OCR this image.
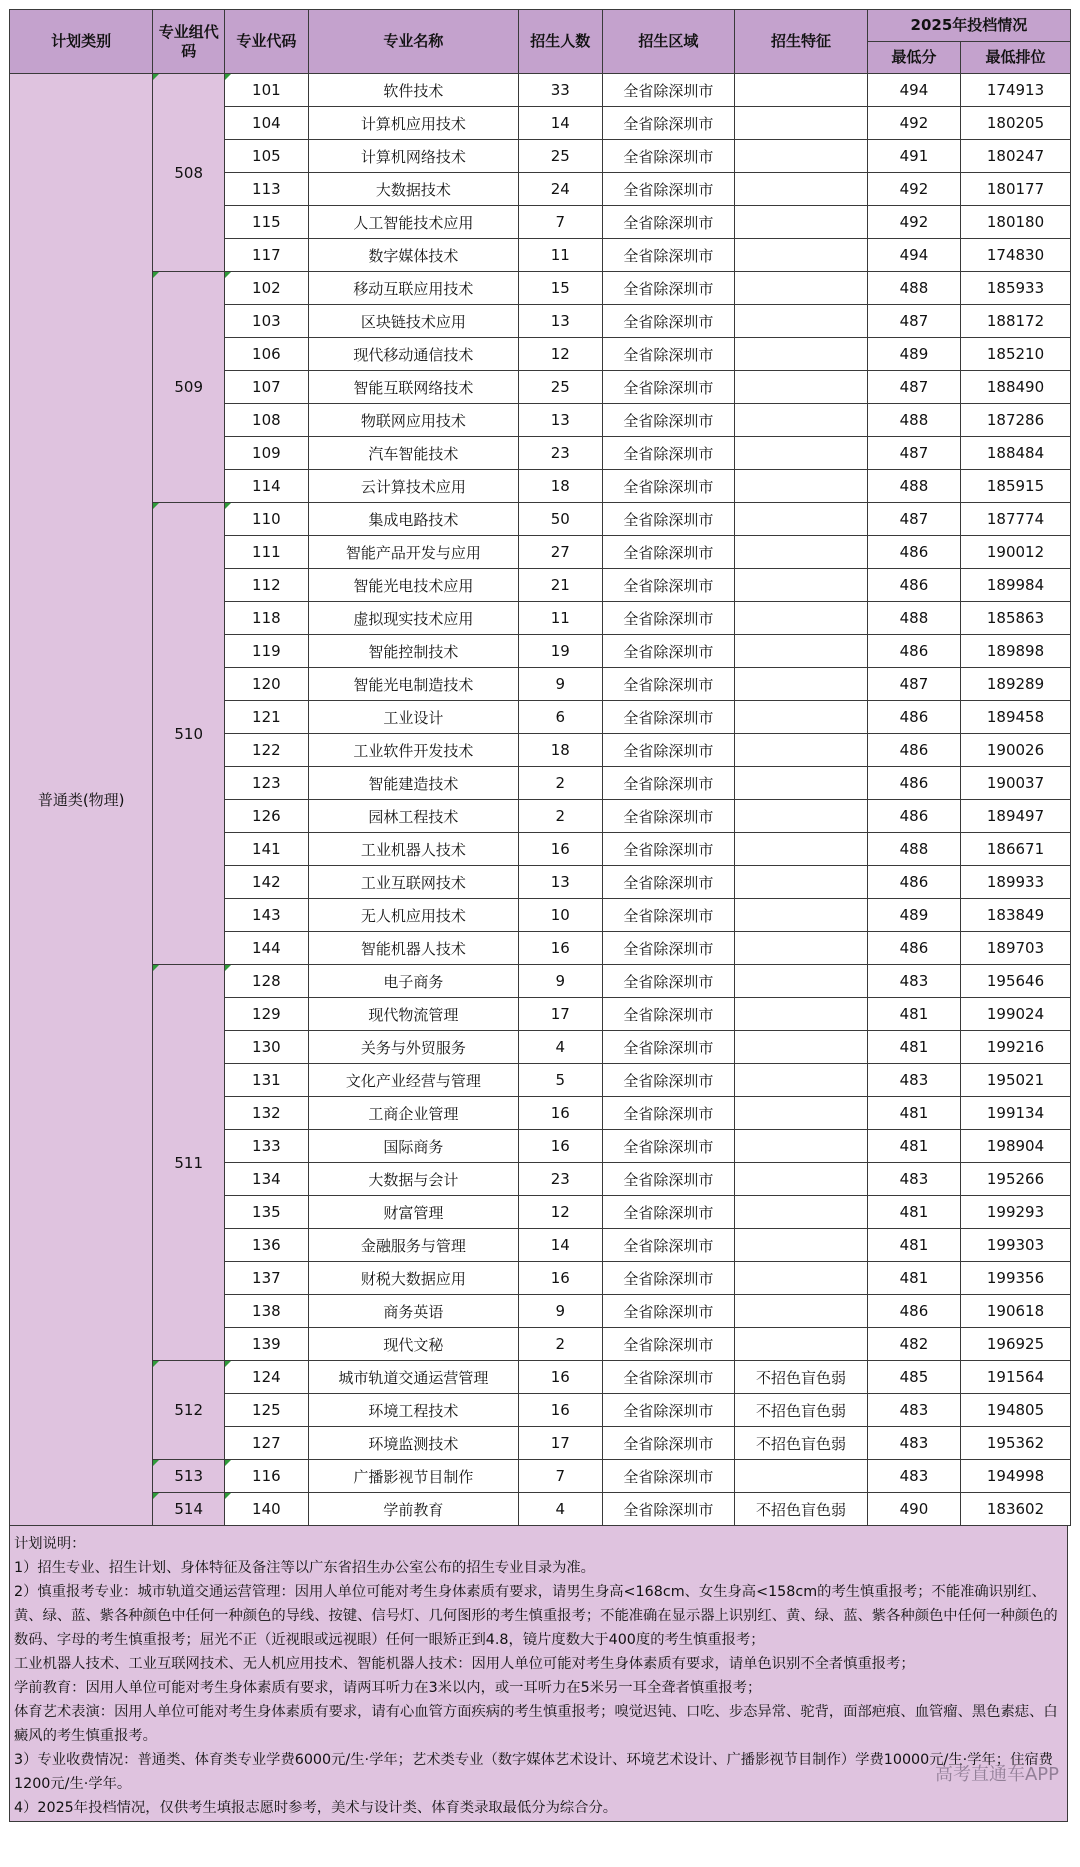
计划类别	专业组代码	专业代码	专业名称	招生人数	招生区域	招生特征	2025年投档情况	
							最低分	最低排位
普通类(物理)	508	101	软件技术	33	全省除深圳市		494	174913
		104	计算机应用技术	14	全省除深圳市		492	180205
		105	计算机网络技术	25	全省除深圳市		491	180247
		113	大数据技术	24	全省除深圳市		492	180177
		115	人工智能技术应用	7	全省除深圳市		492	180180
		117	数字媒体技术	11	全省除深圳市		494	174830
	509	102	移动互联应用技术	15	全省除深圳市		488	185933
		103	区块链技术应用	13	全省除深圳市		487	188172
		106	现代移动通信技术	12	全省除深圳市		489	185210
		107	智能互联网络技术	25	全省除深圳市		487	188490
		108	物联网应用技术	13	全省除深圳市		488	187286
		109	汽车智能技术	23	全省除深圳市		487	188484
		114	云计算技术应用	18	全省除深圳市		488	185915
	510	110	集成电路技术	50	全省除深圳市		487	187774
		111	智能产品开发与应用	27	全省除深圳市		486	190012
		112	智能光电技术应用	21	全省除深圳市		486	189984
		118	虚拟现实技术应用	11	全省除深圳市		488	185863
		119	智能控制技术	19	全省除深圳市		486	189898
		120	智能光电制造技术	9	全省除深圳市		487	189289
		121	工业设计	6	全省除深圳市		486	189458
		122	工业软件开发技术	18	全省除深圳市		486	190026
		123	智能建造技术	2	全省除深圳市		486	190037
		126	园林工程技术	2	全省除深圳市		486	189497
		141	工业机器人技术	16	全省除深圳市		488	186671
		142	工业互联网技术	13	全省除深圳市		486	189933
		143	无人机应用技术	10	全省除深圳市		489	183849
		144	智能机器人技术	16	全省除深圳市		486	189703
	511	128	电子商务	9	全省除深圳市		483	195646
		129	现代物流管理	17	全省除深圳市		481	199024
		130	关务与外贸服务	4	全省除深圳市		481	199216
		131	文化产业经营与管理	5	全省除深圳市		483	195021
		132	工商企业管理	16	全省除深圳市		481	199134
		133	国际商务	16	全省除深圳市		481	198904
		134	大数据与会计	23	全省除深圳市		483	195266
		135	财富管理	12	全省除深圳市		481	199293
		136	金融服务与管理	14	全省除深圳市		481	199303
		137	财税大数据应用	16	全省除深圳市		481	199356
		138	商务英语	9	全省除深圳市		486	190618
		139	现代文秘	2	全省除深圳市		482	196925
	512	124	城市轨道交通运营管理	16	全省除深圳市	不招色盲色弱	485	191564
		125	环境工程技术	16	全省除深圳市	不招色盲色弱	483	194805
		127	环境监测技术	17	全省除深圳市	不招色盲色弱	483	195362
	513	116	广播影视节目制作	7	全省除深圳市		483	194998
	514	140	学前教育	4	全省除深圳市	不招色盲色弱	490	183602

计划说明：

1）招生专业、招生计划、身体特征及备注等以广东省招生办公室公布的招生专业目录为准。

2）慎重报考专业：城市轨道交通运营管理：因用人单位可能对考生身体素质有要求，请男生身高<168cm、女生身高<158cm的考生慎重报考；不能准确识别红、黄、绿、蓝、紫各种颜色中任何一种颜色的导线、按键、信号灯、几何图形的考生慎重报考；不能准确在显示器上识别红、黄、绿、蓝、紫各种颜色中任何一种颜色的数码、字母的考生慎重报考；屈光不正（近视眼或远视眼）任何一眼矫正到4.8，镜片度数大于400度的考生慎重报考；

工业机器人技术、工业互联网技术、无人机应用技术、智能机器人技术：因用人单位可能对考生身体素质有要求，请单色识别不全者慎重报考；

学前教育：因用人单位可能对考生身体素质有要求，请两耳听力在3米以内，或一耳听力在5米另一耳全聋者慎重报考；

体育艺术表演：因用人单位可能对考生身体素质有要求，请有心血管方面疾病的考生慎重报考；嗅觉迟钝、口吃、步态异常、驼背，面部疤痕、血管瘤、黑色素痣、白癜风的考生慎重报考。

3）专业收费情况：普通类、体育类专业学费6000元/生·学年；艺术类专业（数字媒体艺术设计、环境艺术设计、广播影视节目制作）学费10000元/生·学年；住宿费1200元/生·学年。

4）2025年投档情况，仅供考生填报志愿时参考，美术与设计类、体育类录取最低分为综合分。

高考直通车APP
